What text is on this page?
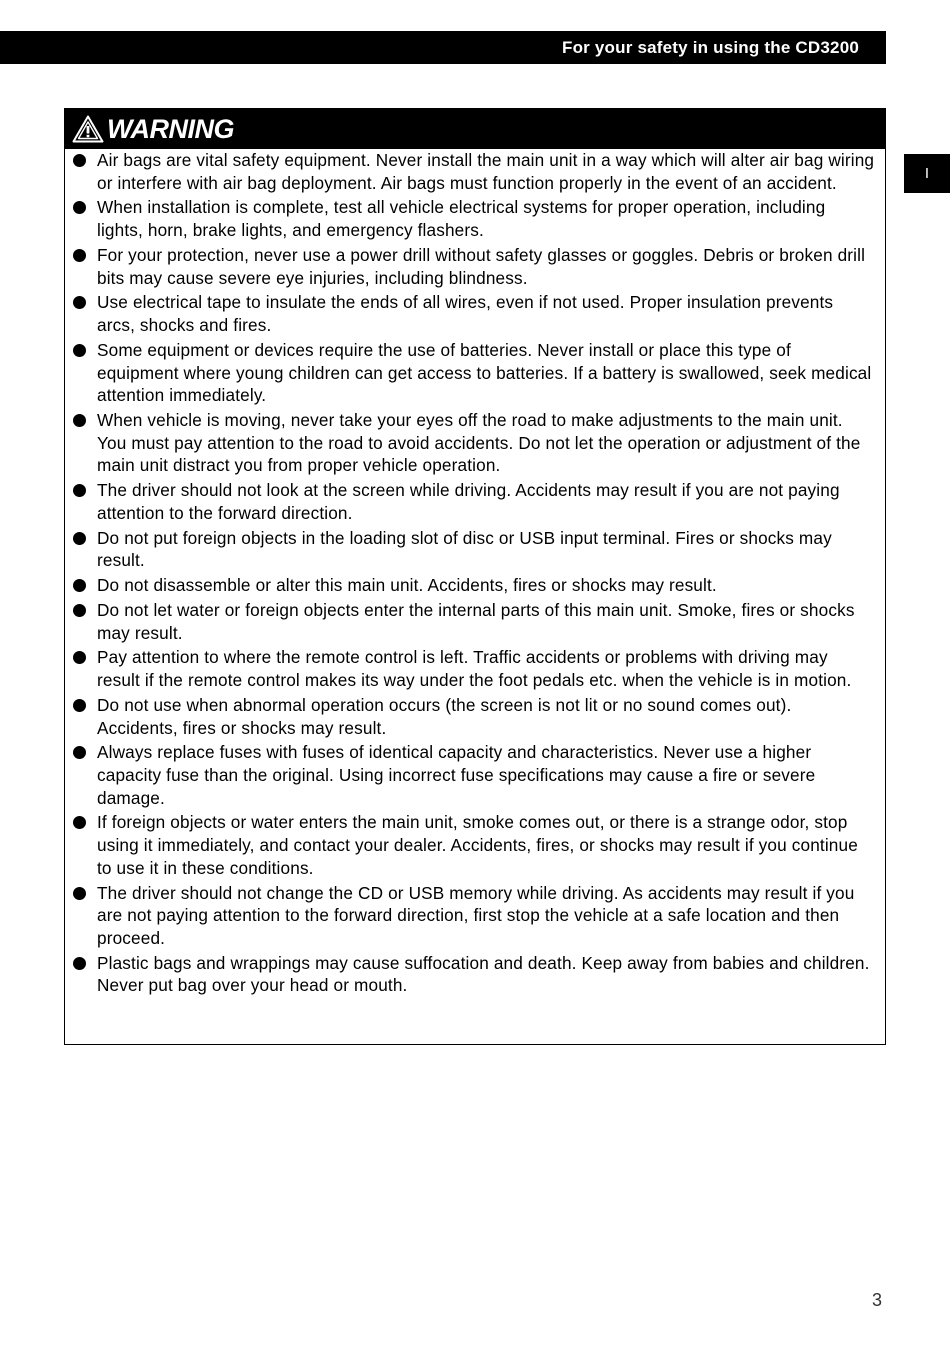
For your safety in using the CD3200
I
WARNING
Air bags are vital safety equipment. Never install the main unit in a way which will alter air bag wiring or interfere with air bag deployment. Air bags must function properly in the event of an accident.
When installation is complete, test all vehicle electrical systems for proper operation, including lights, horn, brake lights, and emergency flashers.
For your protection, never use a power drill without safety glasses or goggles. Debris or broken drill bits may cause severe eye injuries, including blindness.
Use electrical tape to insulate the ends of all wires, even if not used. Proper insulation prevents arcs, shocks and fires.
Some equipment or devices require the use of batteries. Never install or place this type of equipment where young children can get access to batteries. If a battery is swallowed, seek medical attention immediately.
When vehicle is moving, never take your eyes off the road to make adjustments to the main unit. You must pay attention to the road to avoid accidents. Do not let the operation or adjustment of the main unit distract you from proper vehicle operation.
The driver should not look at the screen while driving. Accidents may result if you are not paying attention to the forward direction.
Do not put foreign objects in the loading slot of disc or USB input terminal. Fires or shocks may result.
Do not disassemble or alter this main unit. Accidents, fires or shocks may result.
Do not let water or foreign objects enter the internal parts of this main unit. Smoke, fires or shocks may result.
Pay attention to where the remote control is left. Traffic accidents or problems with driving may result if the remote control makes its way under the foot pedals etc. when the vehicle is in motion.
Do not use when abnormal operation occurs (the screen is not lit or no sound comes out). Accidents, fires or shocks may result.
Always replace fuses with fuses of identical capacity and characteristics. Never use a higher capacity fuse than the original. Using incorrect fuse specifications may cause a fire or severe damage.
If foreign objects or water enters the main unit, smoke comes out, or there is a strange odor, stop using it immediately, and contact your dealer. Accidents, fires, or shocks may result if you continue to use it in these conditions.
The driver should not change the CD or USB memory while driving. As accidents may result if you are not paying attention to the forward direction, first stop the vehicle at a safe location and then proceed.
Plastic bags and wrappings may cause suffocation and death. Keep away from babies and children. Never put bag over your head or mouth.
3
